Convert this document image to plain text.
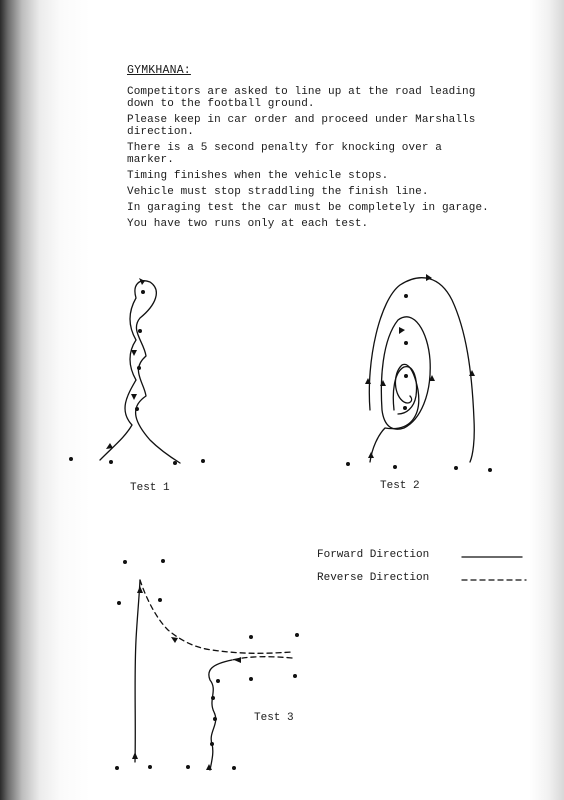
GYMKHANA:
Competitors are asked to line up at the road leading
down to the football ground.
Please keep in car order and proceed under Marshalls
direction.
There is a 5 second penalty for knocking over a
marker.
Timing finishes when the vehicle stops.
Vehicle must stop straddling the finish line.
In garaging test the car must be completely in garage.
You have two runs only at each test.
Test 1	Test 2
Test 3
Forward Direction
Reverse Direction
